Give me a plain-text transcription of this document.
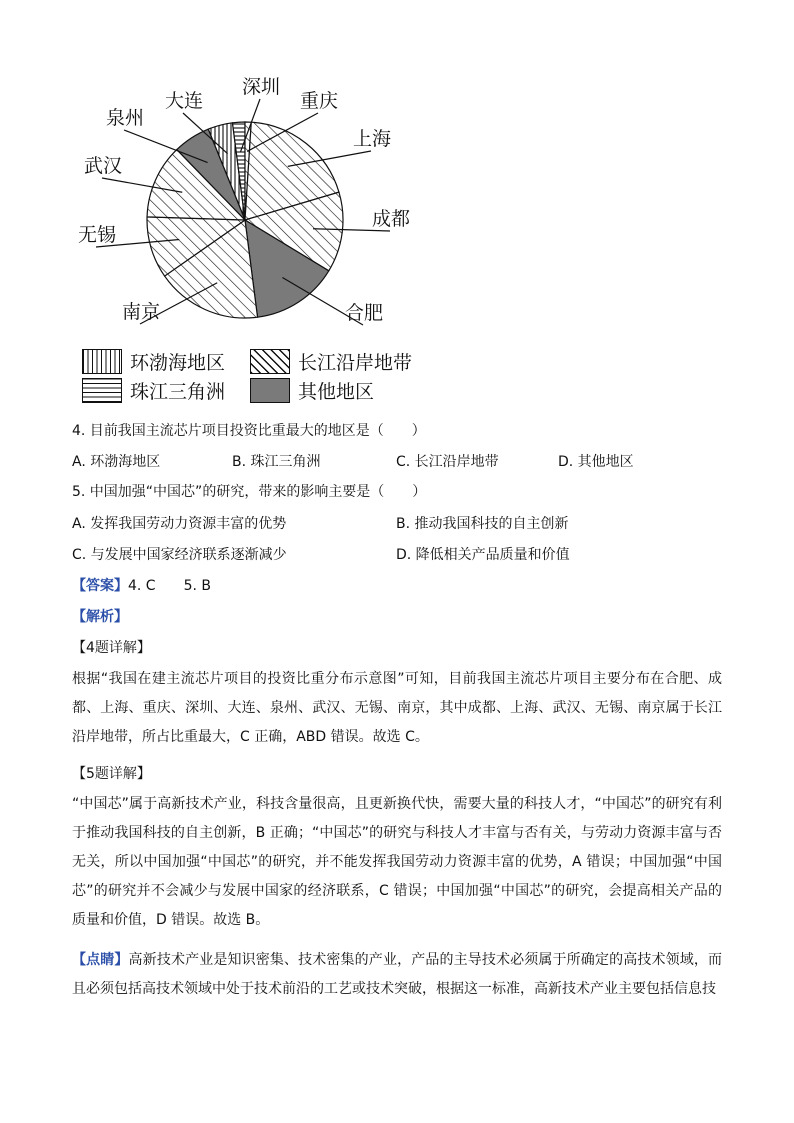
大连
深圳
重庆
上海
成都
合肥
南京
无锡
武汉
泉州
环渤海地区	长江沿岸地带
珠江三角洲	其他地区
4. 目前我国主流芯片项目投资比重最大的地区是（　　）
A. 环渤海地区	B. 珠江三角洲	C. 长江沿岸地带	D. 其他地区
5. 中国加强“中国芯”的研究，带来的影响主要是（　　）
A. 发挥我国劳动力资源丰富的优势	B. 推动我国科技的自主创新
C. 与发展中国家经济联系逐渐减少	D. 降低相关产品质量和价值
【答案】4. C　　5. B
【解析】
【4题详解】
根据“我国在建主流芯片项目的投资比重分布示意图”可知，目前我国主流芯片项目主要分布在合肥、成都、上海、重庆、深圳、大连、泉州、武汉、无锡、南京，其中成都、上海、武汉、无锡、南京属于长江沿岸地带，所占比重最大，C 正确，ABD 错误。故选 C。
【5题详解】
“中国芯”属于高新技术产业，科技含量很高，且更新换代快，需要大量的科技人才，“中国芯”的研究有利于推动我国科技的自主创新，B 正确；“中国芯”的研究与科技人才丰富与否有关，与劳动力资源丰富与否无关，所以中国加强“中国芯”的研究，并不能发挥我国劳动力资源丰富的优势，A 错误；中国加强“中国芯”的研究并不会减少与发展中国家的经济联系，C 错误；中国加强“中国芯”的研究，会提高相关产品的质量和价值，D 错误。故选 B。
【点睛】高新技术产业是知识密集、技术密集的产业，产品的主导技术必须属于所确定的高技术领域，而且必须包括高技术领域中处于技术前沿的工艺或技术突破，根据这一标准，高新技术产业主要包括信息技
